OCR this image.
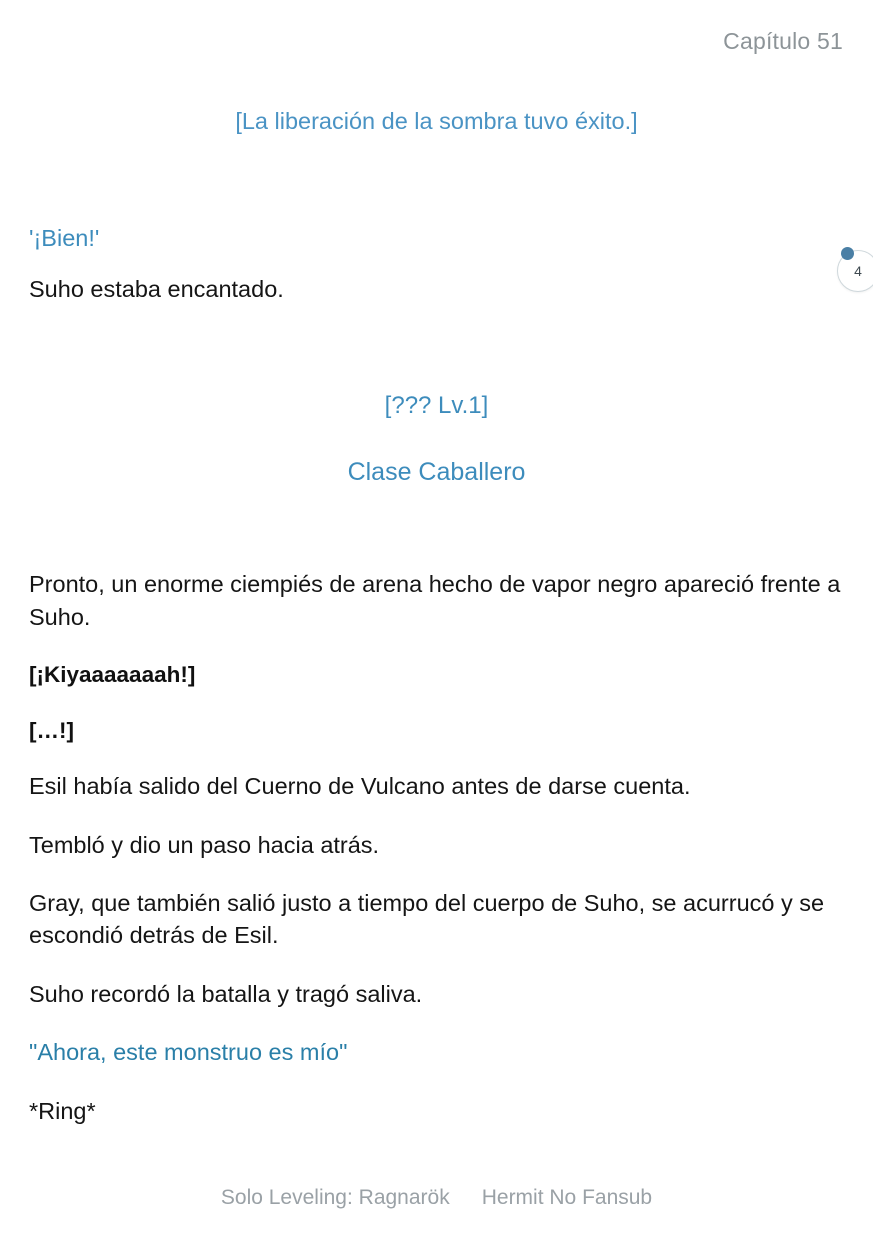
Capítulo 51
4
[La liberación de la sombra tuvo éxito.]
'¡Bien!'
Suho estaba encantado.
[??? Lv.1]
Clase Caballero
Pronto, un enorme ciempiés de arena hecho de vapor negro apareció frente a Suho.
[¡Kiyaaaaaaah!]
[…!]
Esil había salido del Cuerno de Vulcano antes de darse cuenta.
Tembló y dio un paso hacia atrás.
Gray, que también salió justo a tiempo del cuerpo de Suho, se acurrucó y se escondió detrás de Esil.
Suho recordó la batalla y tragó saliva.
"Ahora, este monstruo es mío"
*Ring*
Solo Leveling: Ragnarök Hermit No Fansub
